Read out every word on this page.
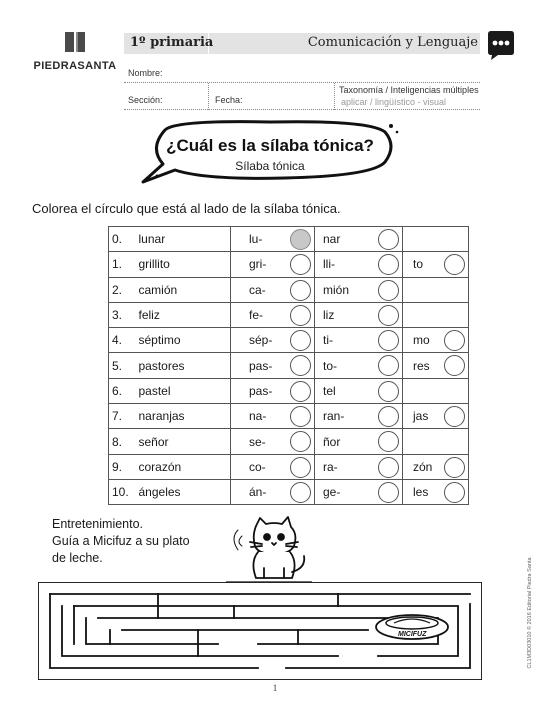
PIEDRASANTA
1º primaria	Comunicación y Lenguaje
Nombre:
Sección:	Fecha:
Taxonomía / Inteligencias múltiples
aplicar / lingüístico - visual
¿Cuál es la sílaba tónica?
Sílaba tónica
Colorea el círculo que está al lado de la sílaba tónica.
0.	lunar	lu-	nar

1.	grillito	gri-	lli-	to

2.	camión	ca-	mión

3.	feliz	fe-	liz

4.	séptimo	sép-	ti-	mo

5.	pastores	pas-	to-	res

6.	pastel	pas-	tel

7.	naranjas	na-	ran-	jas

8.	señor	se-	ñor

9.	corazón	co-	ra-	zón

10.	ángeles	án-	ge-	les
Entretenimiento.
Guía a Micifuz a su plato
de leche.
MICIFUZ	CL1M3D03010 © 2016 Editorial Piedra Santa
1
